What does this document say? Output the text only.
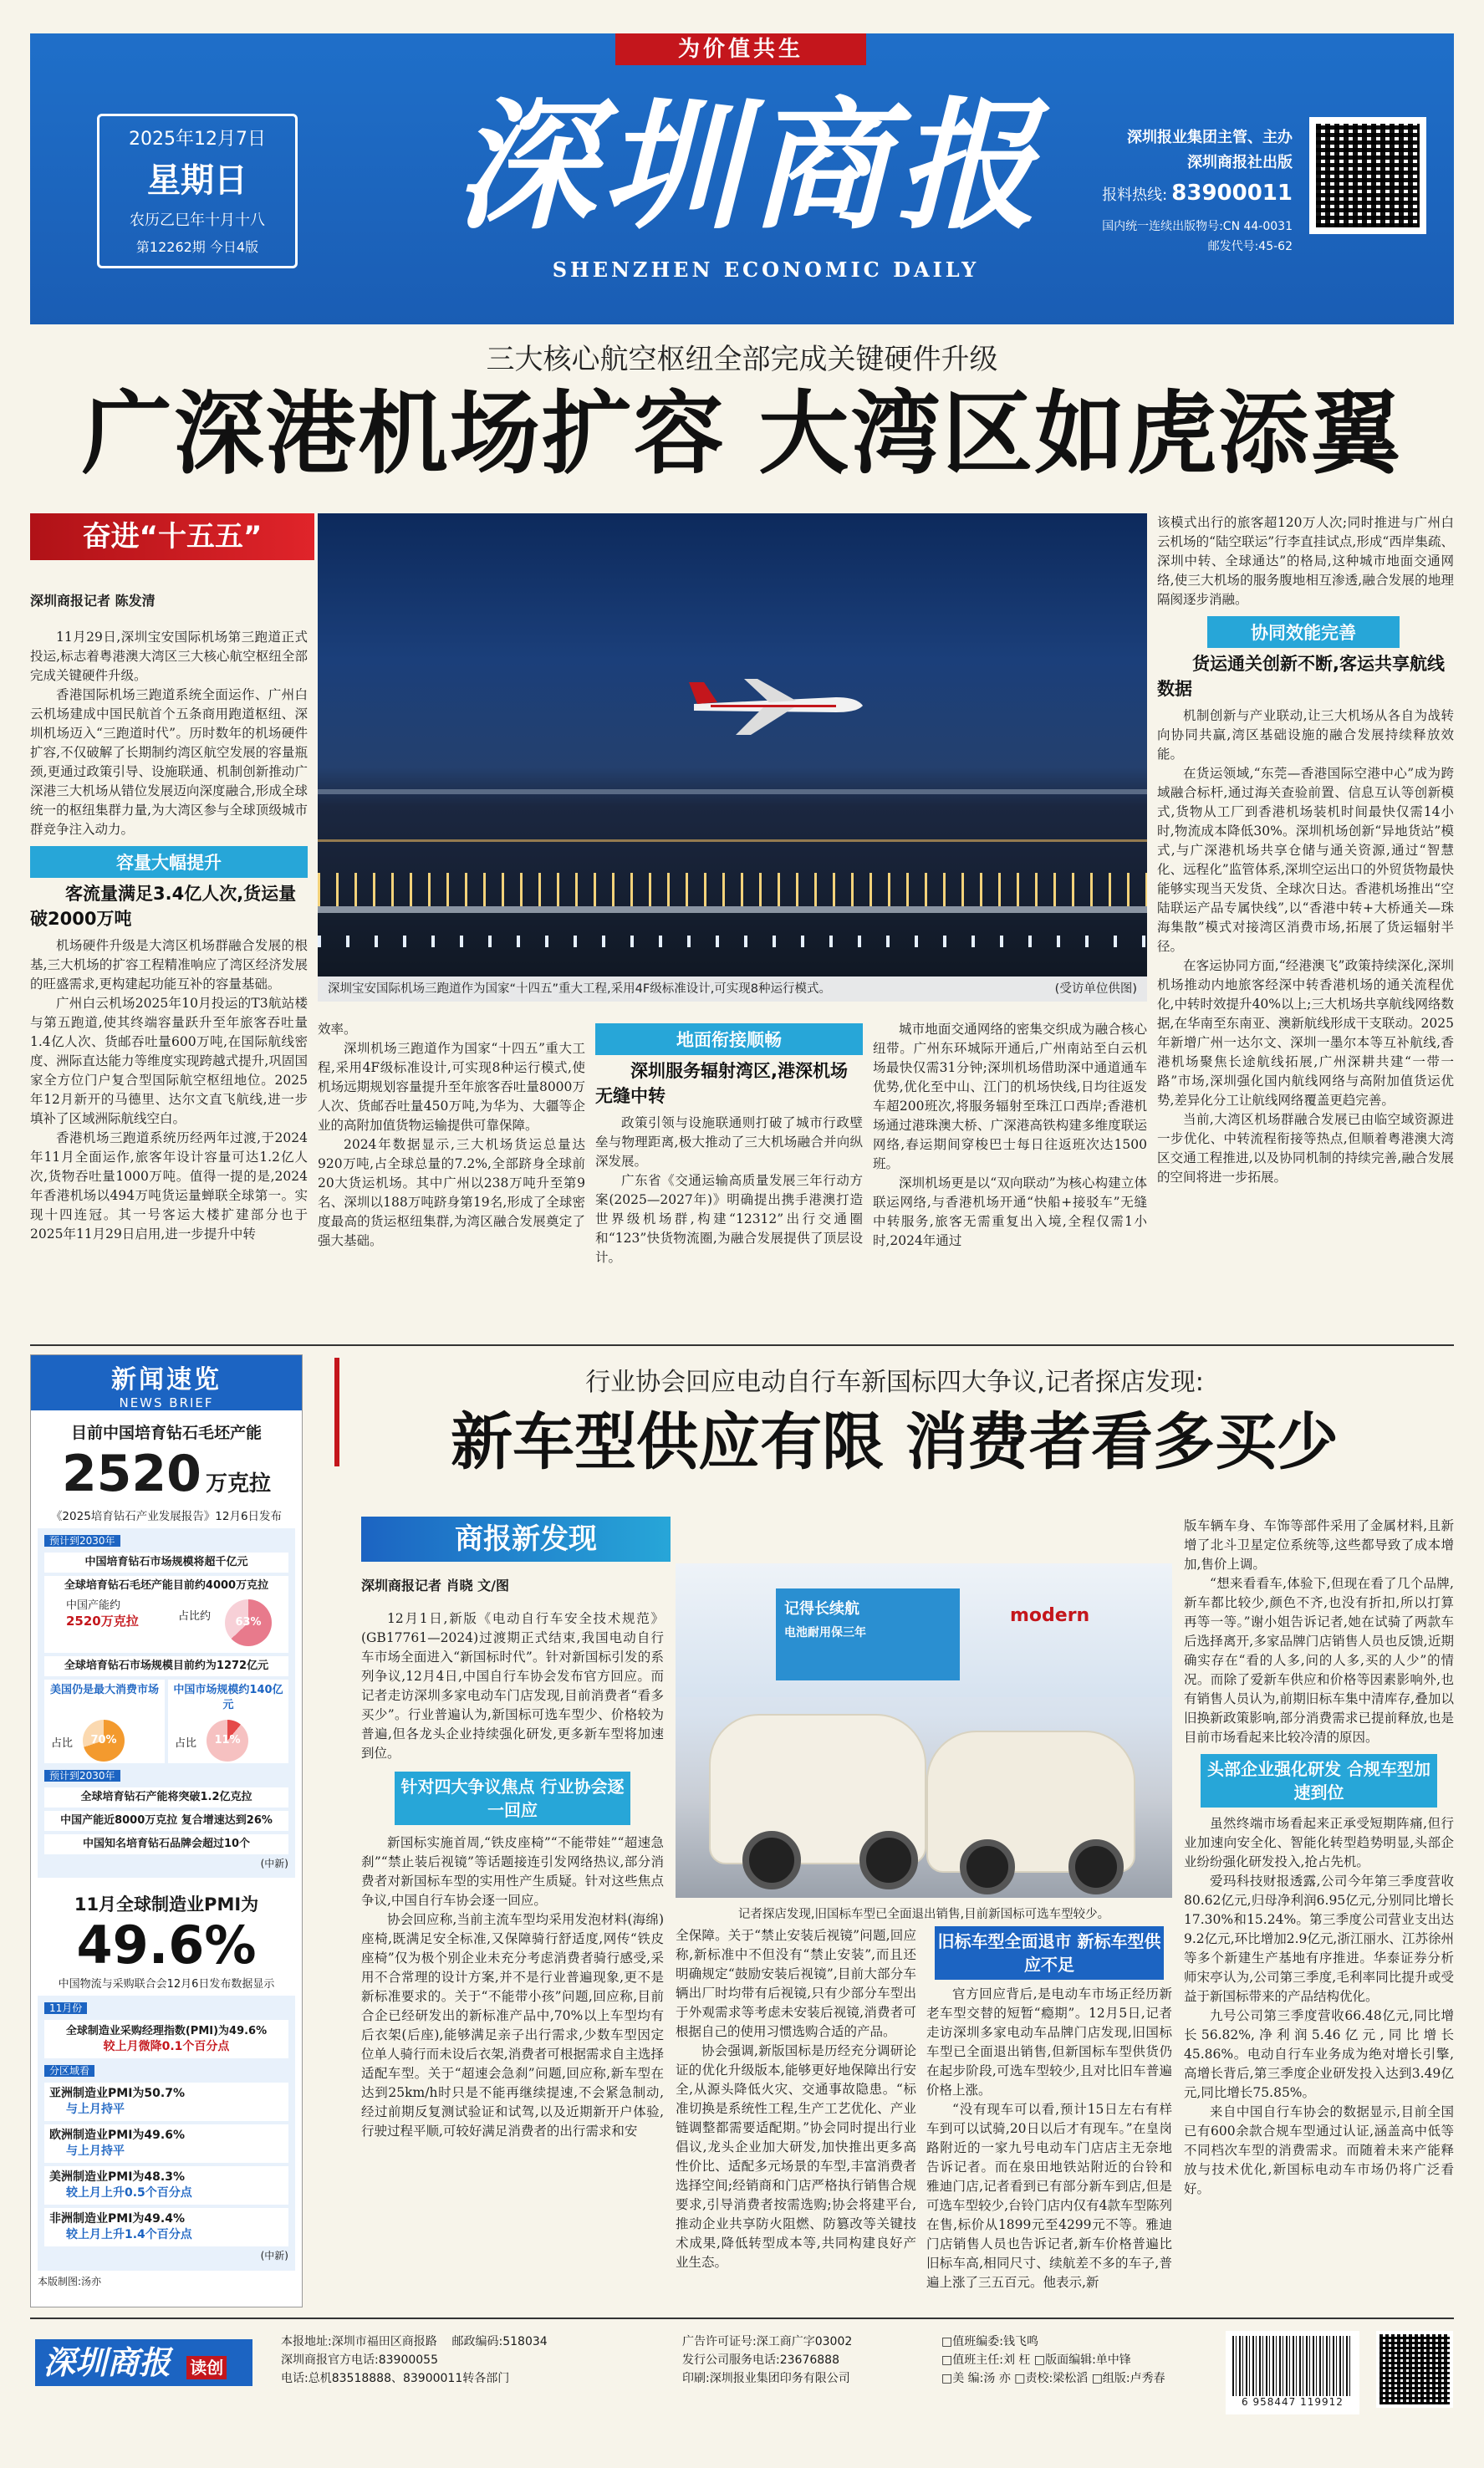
为价值共生
2025年12月7日
星期日
农历乙巳年十月十八
第12262期 今日4版 深圳商报
SHENZHEN ECONOMIC DAILY
深圳报业集团主管、主办
深圳商报社出版
报料热线: 83900011
国内统一连续出版物号:CN 44-0031
邮发代号:45-62
三大核心航空枢纽全部完成关键硬件升级
广深港机场扩容 大湾区如虎添翼
奋进“十五五”
深圳宝安国际机场三跑道作为国家“十四五”重大工程,采用4F级标准设计,可实现8种运行模式。	(受访单位供图)
深圳商报记者 陈发清

11月29日,深圳宝安国际机场第三跑道正式投运,标志着粤港澳大湾区三大核心航空枢纽全部完成关键硬件升级。

香港国际机场三跑道系统全面运作、广州白云机场建成中国民航首个五条商用跑道枢纽、深圳机场迈入“三跑道时代”。历时数年的机场硬件扩容,不仅破解了长期制约湾区航空发展的容量瓶颈,更通过政策引导、设施联通、机制创新推动广深港三大机场从错位发展迈向深度融合,形成全球统一的枢纽集群力量,为大湾区参与全球顶级城市群竞争注入动力。

容量大幅提升
客流量满足3.4亿人次,货运量破2000万吨

机场硬件升级是大湾区机场群融合发展的根基,三大机场的扩容工程精准响应了湾区经济发展的旺盛需求,更构建起功能互补的容量基础。

广州白云机场2025年10月投运的T3航站楼与第五跑道,使其终端容量跃升至年旅客吞吐量1.4亿人次、货邮吞吐量600万吨,在国际航线密度、洲际直达能力等维度实现跨越式提升,巩固国家全方位门户复合型国际航空枢纽地位。2025年12月新开的马德里、达尔文直飞航线,进一步填补了区域洲际航线空白。

香港机场三跑道系统历经两年过渡,于2024年11月全面运作,旅客年设计容量可达1.2亿人次,货物吞吐量1000万吨。值得一提的是,2024年香港机场以494万吨货运量蝉联全球第一。实现十四连冠。其一号客运大楼扩建部分也于2025年11月29日启用,进一步提升中转

效率。

深圳机场三跑道作为国家“十四五”重大工程,采用4F级标准设计,可实现8种运行模式,使机场远期规划容量提升至年旅客吞吐量8000万人次、货邮吞吐量450万吨,为华为、大疆等企业的高附加值货物运输提供可靠保障。

2024年数据显示,三大机场货运总量达920万吨,占全球总量的7.2%,全部跻身全球前20大货运机场。其中广州以238万吨升至第9名、深圳以188万吨跻身第19名,形成了全球密度最高的货运枢纽集群,为湾区融合发展奠定了强大基础。

地面衔接顺畅
深圳服务辐射湾区,港深机场无缝中转

政策引领与设施联通则打破了城市行政壁垒与物理距离,极大推动了三大机场融合并向纵深发展。

广东省《交通运输高质量发展三年行动方案(2025—2027年)》明确提出携手港澳打造世界级机场群,构建“12312”出行交通圈和“123”快货物流圈,为融合发展提供了顶层设计。

城市地面交通网络的密集交织成为融合核心纽带。广州东环城际开通后,广州南站至白云机场最快仅需31分钟;深圳机场借助深中通道通车优势,优化至中山、江门的机场快线,日均往返发车超200班次,将服务辐射至珠江口西岸;香港机场通过港珠澳大桥、广深港高铁构建多维度联运网络,春运期间穿梭巴士每日往返班次达1500班。

深圳机场更是以“双向联动”为核心构建立体联运网络,与香港机场开通“快船+接驳车”无缝中转服务,旅客无需重复出入境,全程仅需1小时,2024年通过

该模式出行的旅客超120万人次;同时推进与广州白云机场的“陆空联运”行李直挂试点,形成“西岸集疏、深圳中转、全球通达”的格局,这种城市地面交通网络,使三大机场的服务腹地相互渗透,融合发展的地理隔阂逐步消融。

协同效能完善
货运通关创新不断,客运共享航线数据

机制创新与产业联动,让三大机场从各自为战转向协同共赢,湾区基础设施的融合发展持续释放效能。

在货运领域,“东莞—香港国际空港中心”成为跨域融合标杆,通过海关查验前置、信息互认等创新模式,货物从工厂到香港机场装机时间最快仅需14小时,物流成本降低30%。深圳机场创新“异地货站”模式,与广深港机场共享仓储与通关资源,通过“智慧化、远程化”监管体系,深圳空运出口的外贸货物最快能够实现当天发货、全球次日达。香港机场推出“空陆联运产品专属快线”,以“香港中转+大桥通关—珠海集散”模式对接湾区消费市场,拓展了货运辐射半径。

在客运协同方面,“经港澳飞”政策持续深化,深圳机场推动内地旅客经深中转香港机场的通关流程优化,中转时效提升40%以上;三大机场共享航线网络数据,在华南至东南亚、澳新航线形成干支联动。2025年新增广州一达尔文、深圳一墨尔本等互补航线,香港机场聚焦长途航线拓展,广州深耕共建“一带一路”市场,深圳强化国内航线网络与高附加值货运优势,差异化分工让航线网络覆盖更趋完善。

当前,大湾区机场群融合发展已由临空域资源进一步优化、中转流程衔接等热点,但顺着粤港澳大湾区交通工程推进,以及协同机制的持续完善,融合发展的空间将进一步拓展。

新闻速览
NEWS BRIEF
目前中国培育钻石毛坯产能
2520 万克拉
《2025培育钻石产业发展报告》12月6日发布
预计到2030年
中国培育钻石市场规模将超千亿元
全球培育钻石毛坯产能目前约4000万克拉
中国产能约
2520万克拉	占比约	63%
全球培育钻石市场规模目前约为1272亿元
美国仍是最大消费市场
占比	70%
中国市场规模约140亿元
占比	11%
预计到2030年
全球培育钻石产能将突破1.2亿克拉
中国产能近8000万克拉 复合增速达到26%
中国知名培育钻石品牌会超过10个
(中新)
11月全球制造业PMI为
49.6%
中国物流与采购联合会12月6日发布数据显示
11月份
全球制造业采购经理指数(PMI)为49.6%
较上月微降0.1个百分点
分区域看
亚洲制造业PMI为50.7%
与上月持平
欧洲制造业PMI为49.6%
与上月持平
美洲制造业PMI为48.3%
较上月上升0.5个百分点
非洲制造业PMI为49.4%
较上月上升1.4个百分点
(中新)
本版制图:汤亦
行业协会回应电动自行车新国标四大争议,记者探店发现:
新车型供应有限 消费者看多买少
商报新发现
记得长续航
电池耐用保三年
modern
记者探店发现,旧国标车型已全面退出销售,目前新国标可选车型较少。
深圳商报记者 肖晓 文/图

12月1日,新版《电动自行车安全技术规范》(GB17761—2024)过渡期正式结束,我国电动自行车市场全面进入“新国标时代”。针对新国标引发的系列争议,12月4日,中国自行车协会发布官方回应。而记者走访深圳多家电动车门店发现,目前消费者“看多买少”。行业普遍认为,新国标可选车型少、价格较为普遍,但各龙头企业持续强化研发,更多新车型将加速到位。

针对四大争议焦点 行业协会逐一回应

新国标实施首周,“铁皮座椅”“不能带娃”“超速急刹”“禁止装后视镜”等话题接连引发网络热议,部分消费者对新国标车型的实用性产生质疑。针对这些焦点争议,中国自行车协会逐一回应。

协会回应称,当前主流车型均采用发泡材料(海绵)座椅,既满足安全标准,又保障骑行舒适度,网传“铁皮座椅”仅为极个别企业未充分考虑消费者骑行感受,采用不合常理的设计方案,并不是行业普遍现象,更不是新标准要求的。关于“不能带小孩”问题,回应称,目前合企已经研发出的新标准产品中,70%以上车型均有后衣架(后座),能够满足亲子出行需求,少数车型因定位单人骑行而未设后衣架,消费者可根据需求自主选择适配车型。关于“超速会急刹”问题,回应称,新车型在达到25km/h时只是不能再继续提速,不会紧急制动,经过前期反复测试验证和试驾,以及近期新开户体验,行驶过程平顺,可较好满足消费者的出行需求和安

全保障。关于“禁止安装后视镜”问题,回应称,新标准中不但没有“禁止安装”,而且还明确规定“鼓励安装后视镜”,目前大部分车辆出厂时均带有后视镜,只有少部分车型出于外观需求等考虑未安装后视镜,消费者可根据自己的使用习惯选购合适的产品。

协会强调,新版国标是历经充分调研论证的优化升级版本,能够更好地保障出行安全,从源头降低火灾、交通事故隐患。“标准切换是系统性工程,生产工艺优化、产业链调整都需要适配期。”协会同时提出行业倡议,龙头企业加大研发,加快推出更多高性价比、适配多元场景的车型,丰富消费者选择空间;经销商和门店严格执行销售合规要求,引导消费者按需选购;协会将建平台,推动企业共享防火阻燃、防篡改等关键技术成果,降低转型成本等,共同构建良好产业生态。

旧标车型全面退市 新标车型供应不足

官方回应背后,是电动车市场正经历新老车型交替的短暂“瘾期”。12月5日,记者走访深圳多家电动车品牌门店发现,旧国标车型已全面退出销售,但新国标车型供货仍在起步阶段,可选车型较少,且对比旧车普遍价格上涨。

“没有现车可以看,预计15日左右有样车到可以试骑,20日以后才有现车。”在皇岗路附近的一家九号电动车门店店主无奈地告诉记者。而在泉田地铁站附近的台铃和雅迪门店,记者看到已有部分新车到店,但是可选车型较少,台铃门店内仅有4款车型陈列在售,标价从1899元至4299元不等。雅迪门店销售人员也告诉记者,新车价格普遍比旧标车高,相同尺寸、续航差不多的车子,普遍上涨了三五百元。他表示,新

版车辆车身、车饰等部件采用了金属材料,且新增了北斗卫星定位系统等,这些都导致了成本增加,售价上调。

“想来看看车,体验下,但现在看了几个品牌,新车都比较少,颜色不齐,也没有折扣,所以打算再等一等。”谢小姐告诉记者,她在试骑了两款车后选择离开,多家品牌门店销售人员也反馈,近期确实存在“看的人多,问的人多,买的人少”的情况。而除了爱新车供应和价格等因素影响外,也有销售人员认为,前期旧标车集中清库存,叠加以旧换新政策影响,部分消费需求已提前释放,也是目前市场看起来比较冷清的原因。

头部企业强化研发 合规车型加速到位

虽然终端市场看起来正承受短期阵痛,但行业加速向安全化、智能化转型趋势明显,头部企业纷纷强化研发投入,抢占先机。

爱玛科技财报透露,公司今年第三季度营收80.62亿元,归母净利润6.95亿元,分别同比增长17.30%和15.24%。第三季度公司营业支出达9.2亿元,环比增加2.9亿元,浙江丽水、江苏徐州等多个新建生产基地有序推进。华泰证券分析师宋亭认为,公司第三季度,毛利率同比提升或受益于新国标带来的产品结构优化。

九号公司第三季度营收66.48亿元,同比增长56.82%,净利润5.46亿元,同比增长45.86%。电动自行车业务成为绝对增长引擎,高增长背后,第三季度企业研发投入达到3.49亿元,同比增长75.85%。

来自中国自行车协会的数据显示,目前全国已有600余款合规车型通过认证,涵盖高中低等不同档次车型的消费需求。而随着未来产能释放与技术优化,新国标电动车市场仍将广泛看好。

深圳商报 读创
本报地址:深圳市福田区商报路 邮政编码:518034
深圳商报官方电话:83900055
电话:总机83518888、83900011转各部门
广告许可证号:深工商广字03002
发行公司服务电话:23676888
印刷:深圳报业集团印务有限公司
□值班编委:钱飞鸣
□值班主任:刘 枉 □版面编辑:单中锋
□美 编:汤 亦 □责校:梁松滔 □组版:卢秀春
6 958447 119912
